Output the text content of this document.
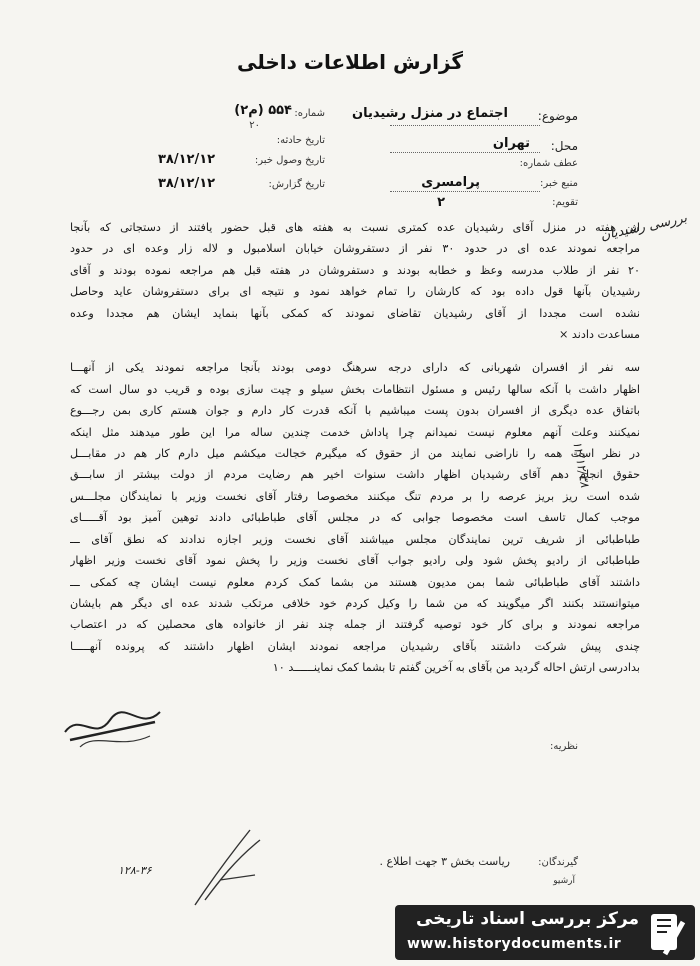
گزارش اطلاعات داخلی
موضوع:
اجتماع در منزل رشیدیان
محل:
تهران
عطف شماره:
منبع خبر:
پرامسری
تقویم:
۲
شماره:
۵۵۴ (م۲)
۲۰
تاریخ حادثه:
تاریخ وصول خبر:
۳۸/۱۲/۱۲
تاریخ گزارش:
۳۸/۱۲/۱۲
این هفته در منزل آقای رشیدیان عده کمتری نسبت به هفته های قبل حضور یافتند از دستجاتی که بآنجا
مراجعه نمودند عده ای در حدود ۳۰ نفر از دستفروشان خیابان اسلامبول و لاله زار وعده ای در حدود
۲۰ نفر از طلاب مدرسه وعظ و خطابه بودند و دستفروشان در هفته قبل هم مراجعه نموده بودند و آقای
رشیدیان بآنها قول داده بود که کارشان را تمام خواهد نمود و نتیجه ای برای دستفروشان عاید وحاصل
نشده است مجددا از آقای رشیدیان تقاضای نمودند که کمکی بآنها بنماید ایشان هم مجددا وعده
مساعدت دادند ×
سه نفر از افسران شهربانی که دارای درجه سرهنگ دومی بودند بآنجا مراجعه نمودند یکی از آنهـــا
اظهار داشت با آنکه سالها رئیس و مسئول انتظامات بخش سیلو و چیت سازی بوده و قریب دو سال است که
باتفاق عده دیگری از افسران بدون پست میباشیم با آنکه قدرت کار دارم و جوان هستم کاری بمن رجـــوع
نمیکنند وعلت آنهم معلوم نیست نمیدانم چرا پاداش خدمت چندین ساله مرا این طور میدهند مثل اینکه
در نظر است همه را ناراضی نمایند من از حقوق که میگیرم خجالت میکشم میل دارم کار هم در مقابـــل
حقوق انجام دهم آقای رشیدیان اظهار داشت سنوات اخیر هم رضایت مردم از دولت بیشتر از سابـــق
شده است ریز بریز عرصه را بر مردم تنگ میکنند مخصوصا رفتار آقای نخست وزیر با نمایندگان مجلـــس
موجب کمال تاسف است مخصوصا جوابی که در مجلس آقای طباطبائی دادند توهین آمیز بود آقـــــای
طباطبائی از شریف ترین نمایندگان مجلس میباشند آقای نخست وزیر اجازه ندادند که نطق آقای ـــ
طباطبائی از رادیو پخش شود ولی رادیو جواب آقای نخست وزیر را پخش نمود آقای نخست وزیر اظهار
داشتند آقای طباطبائی شما بمن مدیون هستند من بشما کمک کردم معلوم نیست ایشان چه کمکی ـــ
میتوانستند بکنند اگر میگویند که من شما را وکیل کردم خود خلافی مرتکب شدند عده ای دیگر هم بایشان
مراجعه نمودند و برای کار خود توصیه گرفتند از جمله چند نفر از خانواده های محصلین که در اعتصاب
چندی پیش شرکت داشتند بآقای رشیدیان مراجعه نمودند ایشان اظهار داشتند که پرونده آنهـــــا
بدادرسی ارتش احاله گردید من بآقای به آخرین گفتم تا بشما کمک نماینــــــد ۱۰
بررسی رشیدیان
۱۲/۱۲/۳۸
نظریه:
گیرندگان:
ریاست بخش ۳ جهت اطلاع .
آرشیو
۱۲۸-۳۶
مرکز بررسی اسناد تاریخی
www.historydocuments.ir
